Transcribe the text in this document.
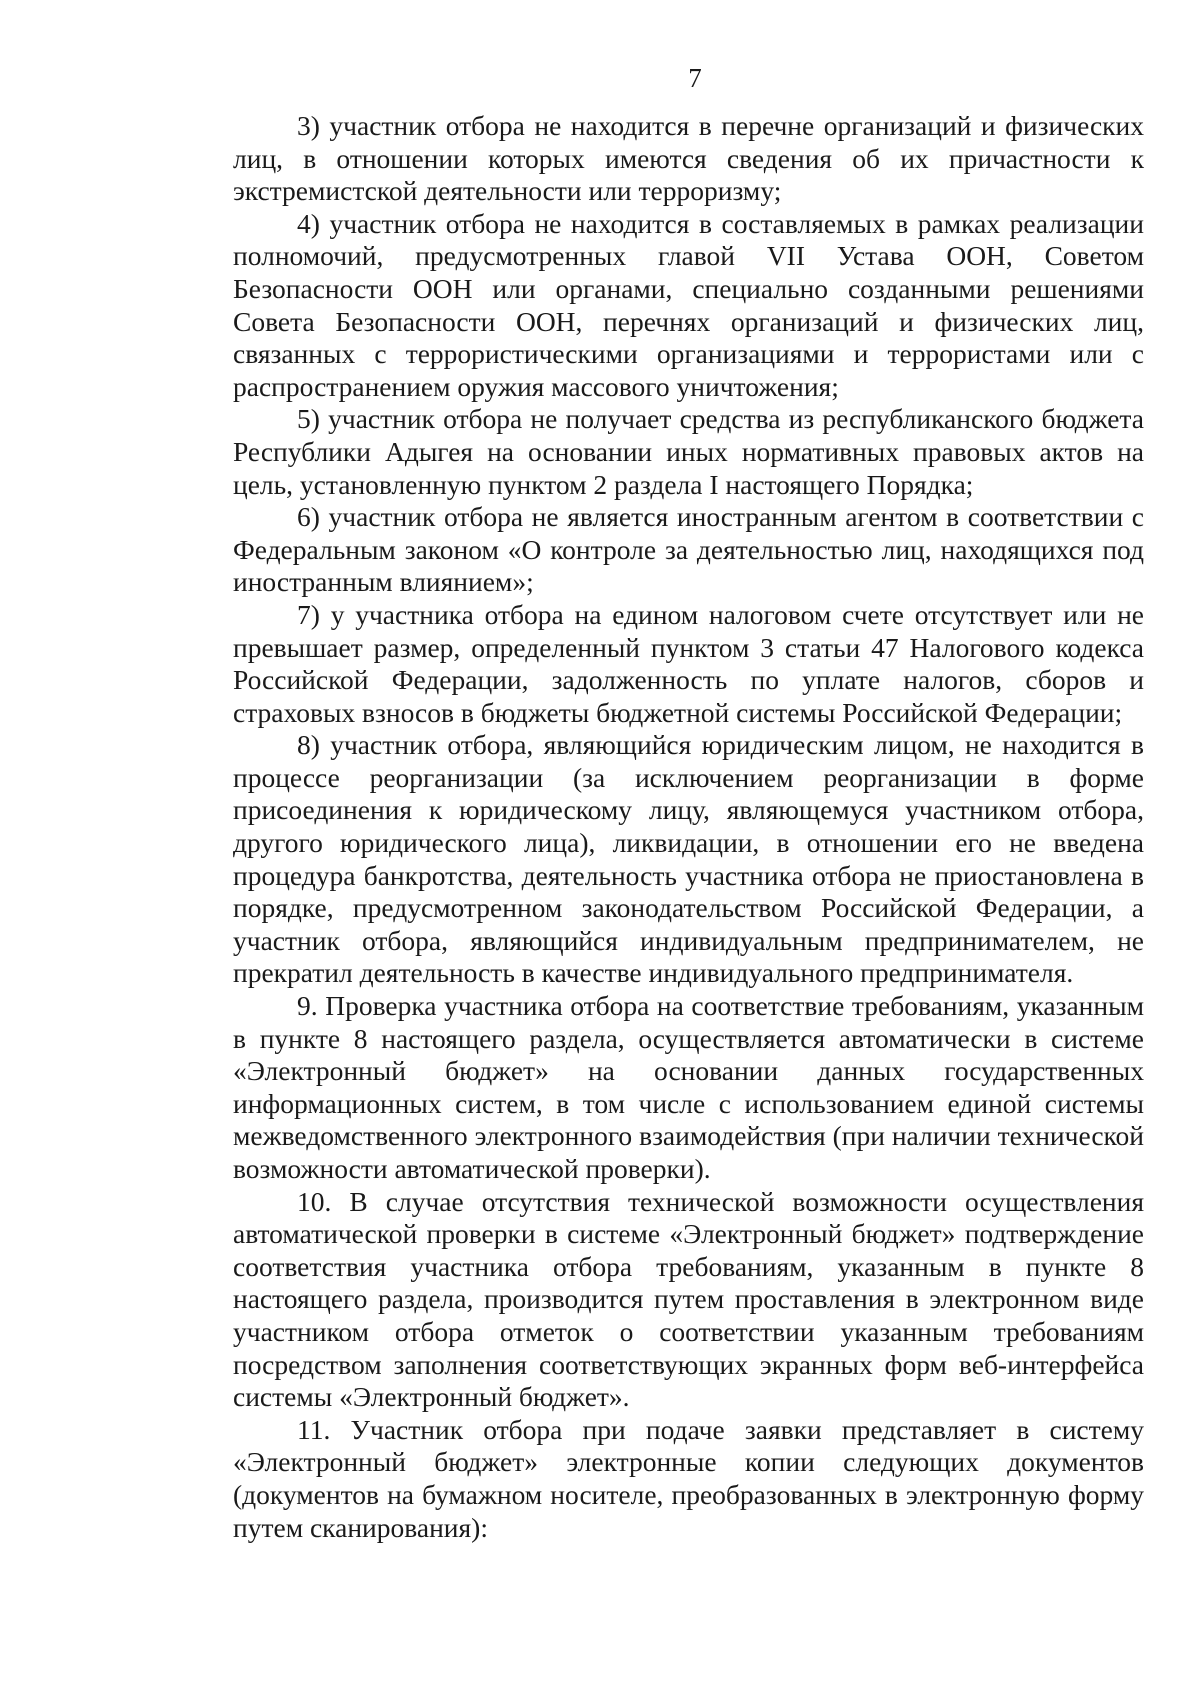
7

3) участник отбора не находится в перечне организаций и физических лиц, в отношении которых имеются сведения об их причастности к экстремистской деятельности или терроризму;

4) участник отбора не находится в составляемых в рамках реализации полномочий, предусмотренных главой VII Устава ООН, Советом Безопасности ООН или органами, специально созданными решениями Совета Безопасности ООН, перечнях организаций и физических лиц, связанных с террористическими организациями и террористами или с распространением оружия массового уничтожения;

5) участник отбора не получает средства из республиканского бюджета Республики Адыгея на основании иных нормативных правовых актов на цель, установленную пунктом 2 раздела I настоящего Порядка;

6) участник отбора не является иностранным агентом в соответствии с Федеральным законом «О контроле за деятельностью лиц, находящихся под иностранным влиянием»;

7) у участника отбора на едином налоговом счете отсутствует или не превышает размер, определенный пунктом 3 статьи 47 Налогового кодекса Российской Федерации, задолженность по уплате налогов, сборов и страховых взносов в бюджеты бюджетной системы Российской Федерации;

8) участник отбора, являющийся юридическим лицом, не находится в процессе реорганизации (за исключением реорганизации в форме присоединения к юридическому лицу, являющемуся участником отбора, другого юридического лица), ликвидации, в отношении его не введена процедура банкротства, деятельность участника отбора не приостановлена в порядке, предусмотренном законодательством Российской Федерации, а участник отбора, являющийся индивидуальным предпринимателем, не прекратил деятельность в качестве индивидуального предпринимателя.

9. Проверка участника отбора на соответствие требованиям, указанным в пункте 8 настоящего раздела, осуществляется автоматически в системе «Электронный бюджет» на основании данных государственных информационных систем, в том числе с использованием единой системы межведомственного электронного взаимодействия (при наличии технической возможности автоматической проверки).

10. В случае отсутствия технической возможности осуществления автоматической проверки в системе «Электронный бюджет» подтверждение соответствия участника отбора требованиям, указанным в пункте 8 настоящего раздела, производится путем проставления в электронном виде участником отбора отметок о соответствии указанным требованиям посредством заполнения соответствующих экранных форм веб-интерфейса системы «Электронный бюджет».

11. Участник отбора при подаче заявки представляет в систему «Электронный бюджет» электронные копии следующих документов (документов на бумажном носителе, преобразованных в электронную форму путем сканирования):
